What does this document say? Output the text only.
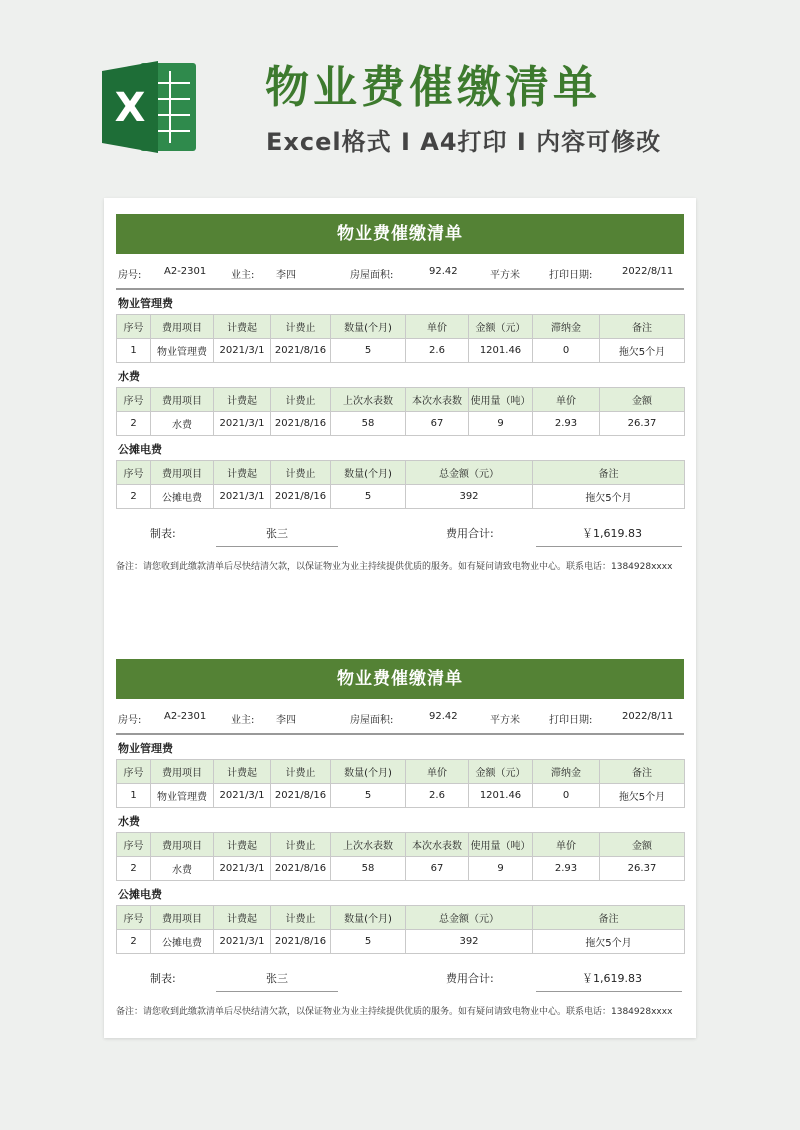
X	物业费催缴清单
Excel格式 I A4打印 I 内容可修改
物业费催缴清单
房号: A2-2301 业主: 李四	房屋面积:	92.42	平方米	打印日期:	2022/8/11
物业管理费
序号	费用项目	计费起	计费止	数量(个月)	单价	金额（元）	滞纳金	备注
1	物业管理费	2021/3/1	2021/8/16	5	2.6	1201.46	0	拖欠5个月
水费
序号	费用项目	计费起	计费止	上次水表数	本次水表数	使用量（吨）	单价	金额
2	水费	2021/3/1	2021/8/16	58	67	9	2.93	26.37
公摊电费
序号	费用项目	计费起	计费止	数量(个月)	总金额（元）	备注
2	公摊电费	2021/3/1	2021/8/16	5	392	拖欠5个月
制表:	张三	费用合计:	￥1,619.83
备注：请您收到此缴款清单后尽快结清欠款，以保证物业为业主持续提供优质的服务。如有疑问请致电物业中心。联系电话：1384928xxxx
物业费催缴清单
房号: A2-2301 业主: 李四	房屋面积:	92.42	平方米	打印日期:	2022/8/11
物业管理费
序号	费用项目	计费起	计费止	数量(个月)	单价	金额（元）	滞纳金	备注
1	物业管理费	2021/3/1	2021/8/16	5	2.6	1201.46	0	拖欠5个月
水费
序号	费用项目	计费起	计费止	上次水表数	本次水表数	使用量（吨）	单价	金额
2	水费	2021/3/1	2021/8/16	58	67	9	2.93	26.37
公摊电费
序号	费用项目	计费起	计费止	数量(个月)	总金额（元）	备注
2	公摊电费	2021/3/1	2021/8/16	5	392	拖欠5个月
制表:	张三	费用合计:	￥1,619.83
备注：请您收到此缴款清单后尽快结清欠款，以保证物业为业主持续提供优质的服务。如有疑问请致电物业中心。联系电话：1384928xxxx
